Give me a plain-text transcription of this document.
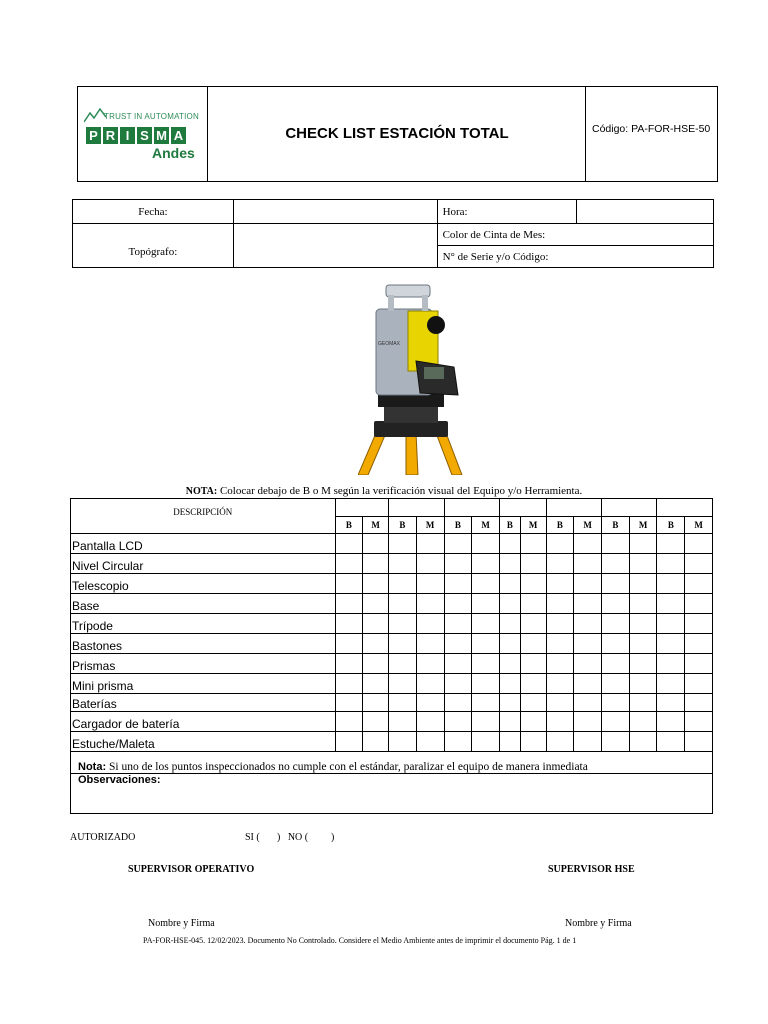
TRUST IN AUTOMATION
P R I S M A
Andes
CHECK LIST ESTACIÓN TOTAL	Código: PA-FOR-HSE-50
Fecha:		Hora:	
Topógrafo:		Color de Cinta de Mes:	
		N° de Serie y/o Código:	
GEOMAX
NOTA: Colocar debajo de B o M según la verificación visual del Equipo y/o Herramienta.
DESCRIPCIÓN														
	B	M	B	M	B	M	B	M	B	M	B	M	B	M
Pantalla LCD														
Nivel Circular														
Telescopio														
Base														
Trípode														
Bastones														
Prismas														
Mini prisma														
Baterías														
Cargador de batería														
Estuche/Maleta														
Nota: Si uno de los puntos inspeccionados no cumple con el estándar, paralizar el equipo de manera inmediata
Observaciones:
AUTORIZADO	SI ( )   NO ( )
SUPERVISOR OPERATIVO	SUPERVISOR HSE
Nombre y Firma	Nombre y Firma
PA-FOR-HSE-045. 12/02/2023. Documento No Controlado. Considere el Medio Ambiente antes de imprimir el documento Pág. 1 de 1
